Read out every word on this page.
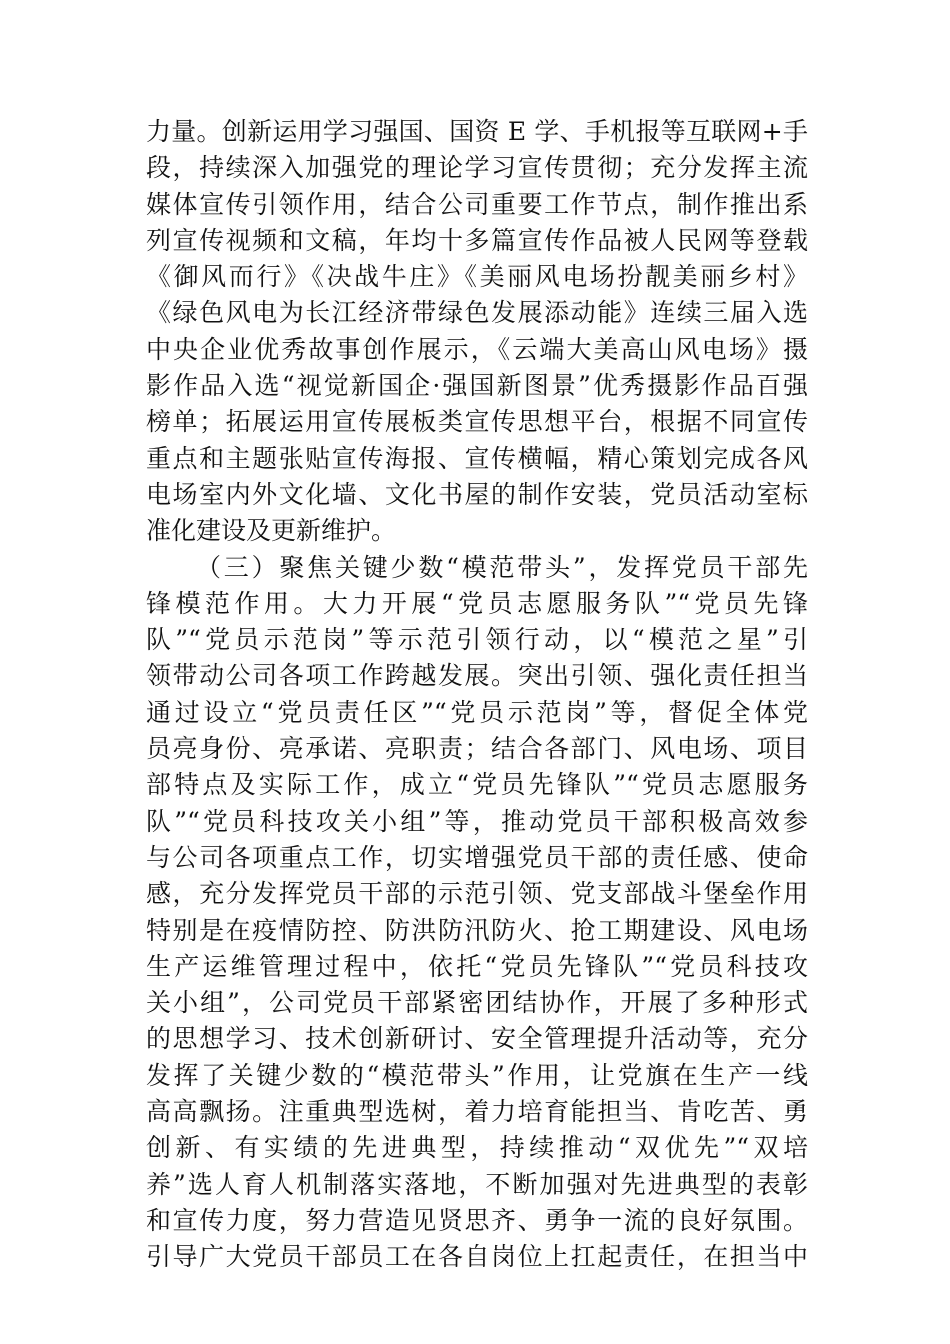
力量。创新运用学习强国、国资 E 学、手机报等互联网+手
段，持续深入加强党的理论学习宣传贯彻；充分发挥主流
媒体宣传引领作用，结合公司重要工作节点，制作推出系
列宣传视频和文稿，年均十多篇宣传作品被人民网等登载
《御风而行》《决战牛庄》《美丽风电场扮靓美丽乡村》
《绿色风电为长江经济带绿色发展添动能》连续三届入选
中央企业优秀故事创作展示，《云端大美高山风电场》摄
影作品入选“视觉新国企·强国新图景”优秀摄影作品百强
榜单；拓展运用宣传展板类宣传思想平台，根据不同宣传
重点和主题张贴宣传海报、宣传横幅，精心策划完成各风
电场室内外文化墙、文化书屋的制作安装，党员活动室标
准化建设及更新维护。
（三）聚焦关键少数“模范带头”，发挥党员干部先
锋模范作用。大力开展“党员志愿服务队”“党员先锋
队”“党员示范岗”等示范引领行动，以“模范之星”引
领带动公司各项工作跨越发展。突出引领、强化责任担当
通过设立“党员责任区”“党员示范岗”等，督促全体党
员亮身份、亮承诺、亮职责；结合各部门、风电场、项目
部特点及实际工作，成立“党员先锋队”“党员志愿服务
队”“党员科技攻关小组”等，推动党员干部积极高效参
与公司各项重点工作，切实增强党员干部的责任感、使命
感，充分发挥党员干部的示范引领、党支部战斗堡垒作用
特别是在疫情防控、防洪防汛防火、抢工期建设、风电场
生产运维管理过程中，依托“党员先锋队”“党员科技攻
关小组”，公司党员干部紧密团结协作，开展了多种形式
的思想学习、技术创新研讨、安全管理提升活动等，充分
发挥了关键少数的“模范带头”作用，让党旗在生产一线
高高飘扬。注重典型选树，着力培育能担当、肯吃苦、勇
创新、有实绩的先进典型，持续推动“双优先”“双培
养”选人育人机制落实落地，不断加强对先进典型的表彰
和宣传力度，努力营造见贤思齐、勇争一流的良好氛围。
引导广大党员干部员工在各自岗位上扛起责任，在担当中
